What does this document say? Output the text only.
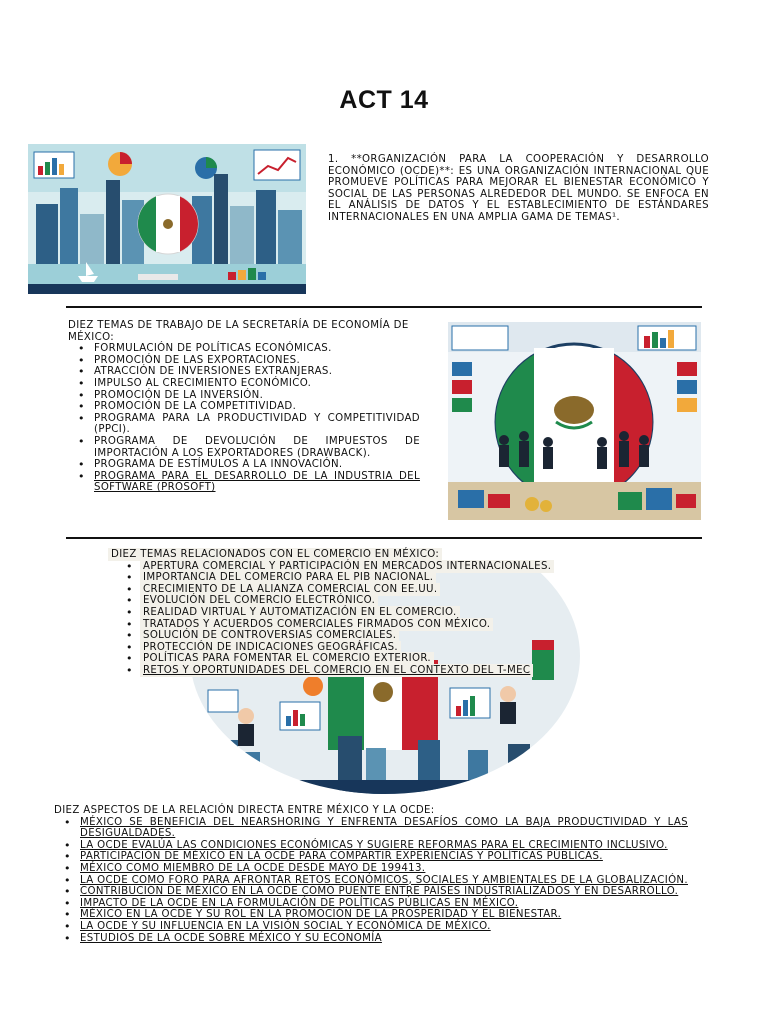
ACT 14
1. **ORGANIZACIÓN PARA LA COOPERACIÓN Y DESARROLLO ECONÓMICO (OCDE)**: ES UNA ORGANIZACIÓN INTERNACIONAL QUE PROMUEVE POLÍTICAS PARA MEJORAR EL BIENESTAR ECONÓMICO Y SOCIAL DE LAS PERSONAS ALREDEDOR DEL MUNDO. SE ENFOCA EN EL ANÁLISIS DE DATOS Y EL ESTABLECIMIENTO DE ESTÁNDARES INTERNACIONALES EN UNA AMPLIA GAMA DE TEMAS¹.
DIEZ TEMAS DE TRABAJO DE LA SECRETARÍA DE ECONOMÍA DE MÉXICO:
• FORMULACIÓN DE POLÍTICAS ECONÓMICAS.
• PROMOCIÓN DE LAS EXPORTACIONES.
• ATRACCIÓN DE INVERSIONES EXTRANJERAS.
• IMPULSO AL CRECIMIENTO ECONÓMICO.
• PROMOCIÓN DE LA INVERSIÓN.
• PROMOCIÓN DE LA COMPETITIVIDAD.
• PROGRAMA PARA LA PRODUCTIVIDAD Y COMPETITIVIDAD (PPCI).
• PROGRAMA DE DEVOLUCIÓN DE IMPUESTOS DE IMPORTACIÓN A LOS EXPORTADORES (DRAWBACK).
• PROGRAMA DE ESTÍMULOS A LA INNOVACIÓN.
• PROGRAMA PARA EL DESARROLLO DE LA INDUSTRIA DEL SOFTWARE (PROSOFT)
DIEZ TEMAS RELACIONADOS CON EL COMERCIO EN MÉXICO:
• APERTURA COMERCIAL Y PARTICIPACIÓN EN MERCADOS INTERNACIONALES.
• IMPORTANCIA DEL COMERCIO PARA EL PIB NACIONAL.
• CRECIMIENTO DE LA ALIANZA COMERCIAL CON EE.UU.
• EVOLUCIÓN DEL COMERCIO ELECTRÓNICO.
• REALIDAD VIRTUAL Y AUTOMATIZACIÓN EN EL COMERCIO.
• TRATADOS Y ACUERDOS COMERCIALES FIRMADOS CON MÉXICO.
• SOLUCIÓN DE CONTROVERSIAS COMERCIALES.
• PROTECCIÓN DE INDICACIONES GEOGRÁFICAS.
• POLÍTICAS PARA FOMENTAR EL COMERCIO EXTERIOR.
• RETOS Y OPORTUNIDADES DEL COMERCIO EN EL CONTEXTO DEL T-MEC
DIEZ ASPECTOS DE LA RELACIÓN DIRECTA ENTRE MÉXICO Y LA OCDE:
• MÉXICO SE BENEFICIA DEL NEARSHORING Y ENFRENTA DESAFÍOS COMO LA BAJA PRODUCTIVIDAD Y LAS DESIGUALDADES.
• LA OCDE EVALÚA LAS CONDICIONES ECONÓMICAS Y SUGIERE REFORMAS PARA EL CRECIMIENTO INCLUSIVO.
• PARTICIPACIÓN DE MÉXICO EN LA OCDE PARA COMPARTIR EXPERIENCIAS Y POLÍTICAS PÚBLICAS.
• MÉXICO COMO MIEMBRO DE LA OCDE DESDE MAYO DE 199413.
• LA OCDE COMO FORO PARA AFRONTAR RETOS ECONÓMICOS, SOCIALES Y AMBIENTALES DE LA GLOBALIZACIÓN.
• CONTRIBUCIÓN DE MÉXICO EN LA OCDE COMO PUENTE ENTRE PAÍSES INDUSTRIALIZADOS Y EN DESARROLLO.
• IMPACTO DE LA OCDE EN LA FORMULACIÓN DE POLÍTICAS PÚBLICAS EN MÉXICO.
• MÉXICO EN LA OCDE Y SU ROL EN LA PROMOCIÓN DE LA PROSPERIDAD Y EL BIENESTAR.
• LA OCDE Y SU INFLUENCIA EN LA VISIÓN SOCIAL Y ECONÓMICA DE MÉXICO.
• ESTUDIOS DE LA OCDE SOBRE MÉXICO Y SU ECONOMÍA
